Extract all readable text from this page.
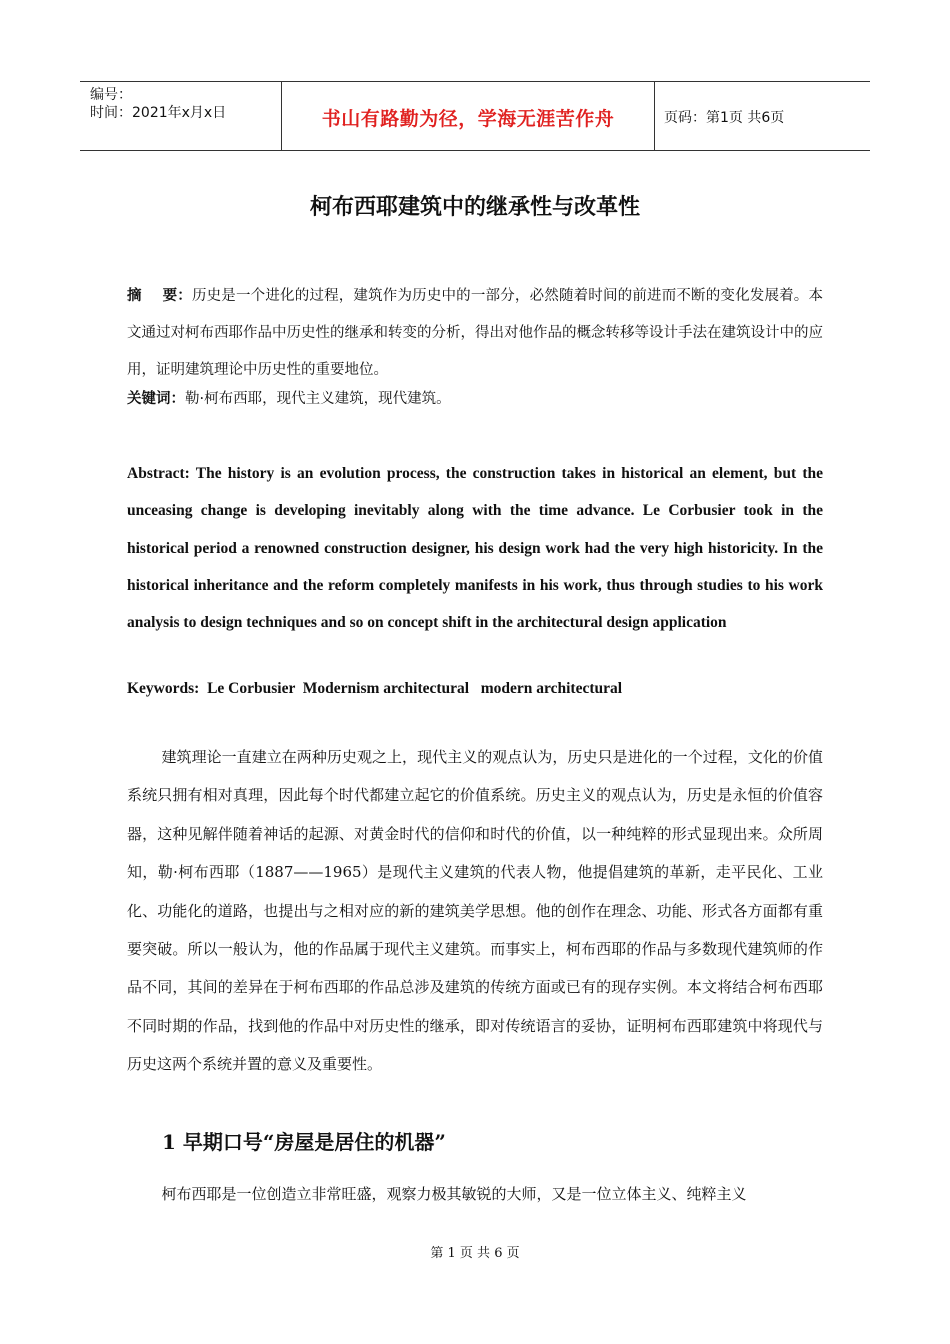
编号：
时间：2021年x月x日	书山有路勤为径，学海无涯苦作舟	页码：第1页 共6页
柯布西耶建筑中的继承性与改革性
摘    要：历史是一个进化的过程，建筑作为历史中的一部分，必然随着时间的前进而不断的变化发展着。本文通过对柯布西耶作品中历史性的继承和转变的分析，得出对他作品的概念转移等设计手法在建筑设计中的应用，证明建筑理论中历史性的重要地位。
关键词：勒·柯布西耶，现代主义建筑，现代建筑。
Abstract: The history is an evolution process, the construction takes in historical an element, but the unceasing change is developing inevitably along with the time advance. Le Corbusier took in the historical period a renowned construction designer, his design work had the very high historicity. In the historical inheritance and the reform completely manifests in his work, thus through studies to his work analysis to design techniques and so on concept shift in the architectural design application
Keywords:  Le Corbusier  Modernism architectural   modern architectural
建筑理论一直建立在两种历史观之上，现代主义的观点认为，历史只是进化的一个过程，文化的价值系统只拥有相对真理，因此每个时代都建立起它的价值系统。历史主义的观点认为，历史是永恒的价值容器，这种见解伴随着神话的起源、对黄金时代的信仰和时代的价值，以一种纯粹的形式显现出来。众所周知，勒·柯布西耶（1887——1965）是现代主义建筑的代表人物，他提倡建筑的革新，走平民化、工业化、功能化的道路，也提出与之相对应的新的建筑美学思想。他的创作在理念、功能、形式各方面都有重要突破。所以一般认为，他的作品属于现代主义建筑。而事实上，柯布西耶的作品与多数现代建筑师的作品不同，其间的差异在于柯布西耶的作品总涉及建筑的传统方面或已有的现存实例。本文将结合柯布西耶不同时期的作品，找到他的作品中对历史性的继承，即对传统语言的妥协，证明柯布西耶建筑中将现代与历史这两个系统并置的意义及重要性。
1 早期口号“房屋是居住的机器”
柯布西耶是一位创造立非常旺盛，观察力极其敏锐的大师，又是一位立体主义、纯粹主义
第 1 页 共 6 页
